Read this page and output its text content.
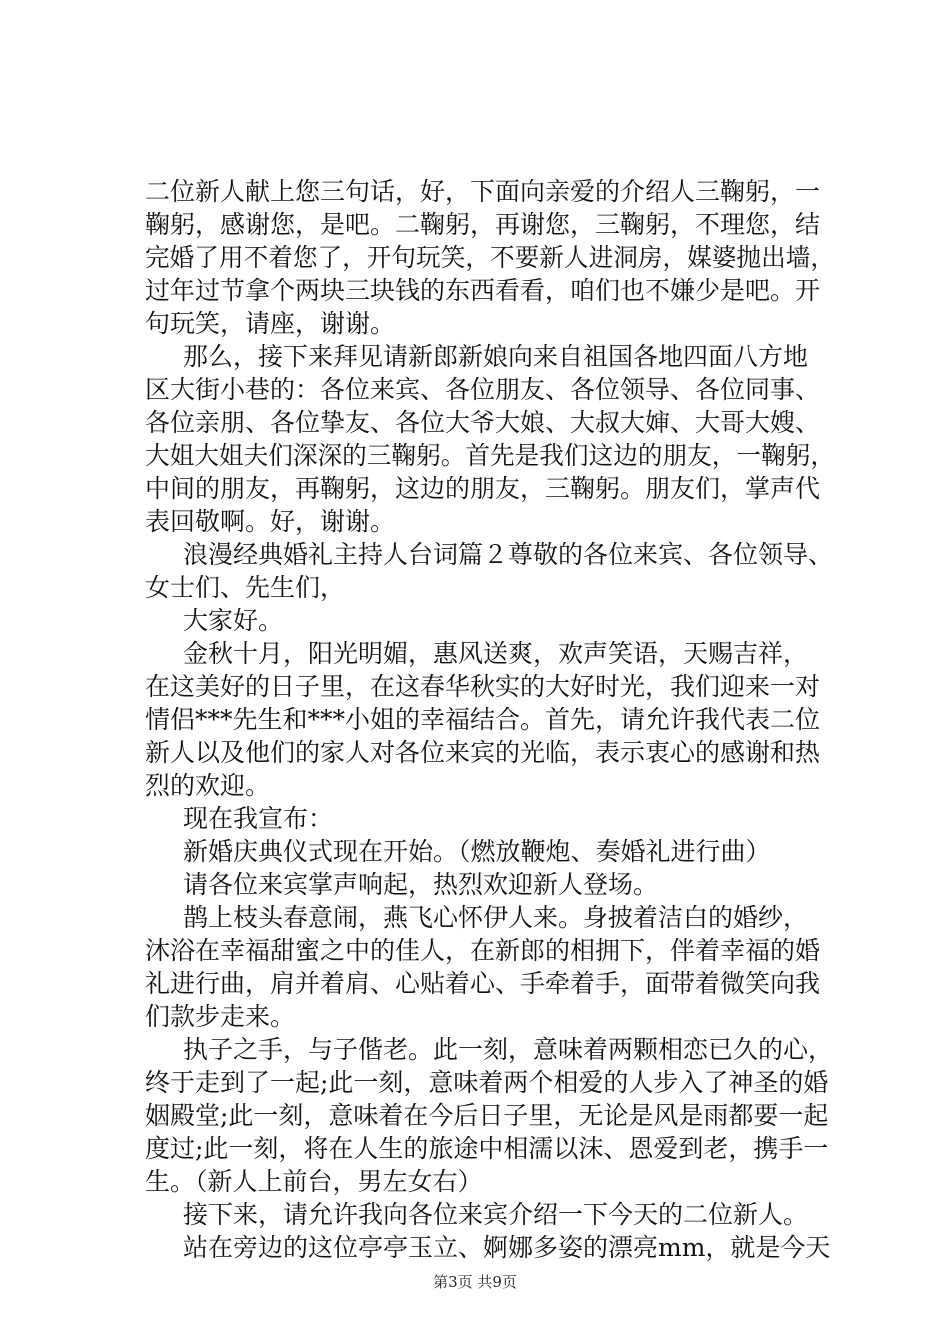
二位新人献上您三句话，好，下面向亲爱的介绍人三鞠躬，一
鞠躬，感谢您，是吧。二鞠躬，再谢您，三鞠躬，不理您，结
完婚了用不着您了，开句玩笑，不要新人进洞房，媒婆抛出墙，
过年过节拿个两块三块钱的东西看看，咱们也不嫌少是吧。开
句玩笑，请座，谢谢。
那么，接下来拜见请新郎新娘向来自祖国各地四面八方地
区大街小巷的：各位来宾、各位朋友、各位领导、各位同事、
各位亲朋、各位挚友、各位大爷大娘、大叔大婶、大哥大嫂、
大姐大姐夫们深深的三鞠躬。首先是我们这边的朋友，一鞠躬，
中间的朋友，再鞠躬，这边的朋友，三鞠躬。朋友们，掌声代
表回敬啊。好，谢谢。
浪漫经典婚礼主持人台词篇２尊敬的各位来宾、各位领导、
女士们、先生们，
大家好。
金秋十月，阳光明媚，惠风送爽，欢声笑语，天赐吉祥，
在这美好的日子里，在这春华秋实的大好时光，我们迎来一对
情侣***先生和***小姐的幸福结合。首先，请允许我代表二位
新人以及他们的家人对各位来宾的光临，表示衷心的感谢和热
烈的欢迎。
现在我宣布：
新婚庆典仪式现在开始。（燃放鞭炮、奏婚礼进行曲）
请各位来宾掌声响起，热烈欢迎新人登场。
鹊上枝头春意闹，燕飞心怀伊人来。身披着洁白的婚纱，
沐浴在幸福甜蜜之中的佳人，在新郎的相拥下，伴着幸福的婚
礼进行曲，肩并着肩、心贴着心、手牵着手，面带着微笑向我
们款步走来。
执子之手，与子偕老。此一刻，意味着两颗相恋已久的心，
终于走到了一起;此一刻，意味着两个相爱的人步入了神圣的婚
姻殿堂;此一刻，意味着在今后日子里，无论是风是雨都要一起
度过;此一刻，将在人生的旅途中相濡以沫、恩爱到老，携手一
生。（新人上前台，男左女右）
接下来，请允许我向各位来宾介绍一下今天的二位新人。
站在旁边的这位亭亭玉立、婀娜多姿的漂亮mm，就是今天
第3页 共9页
